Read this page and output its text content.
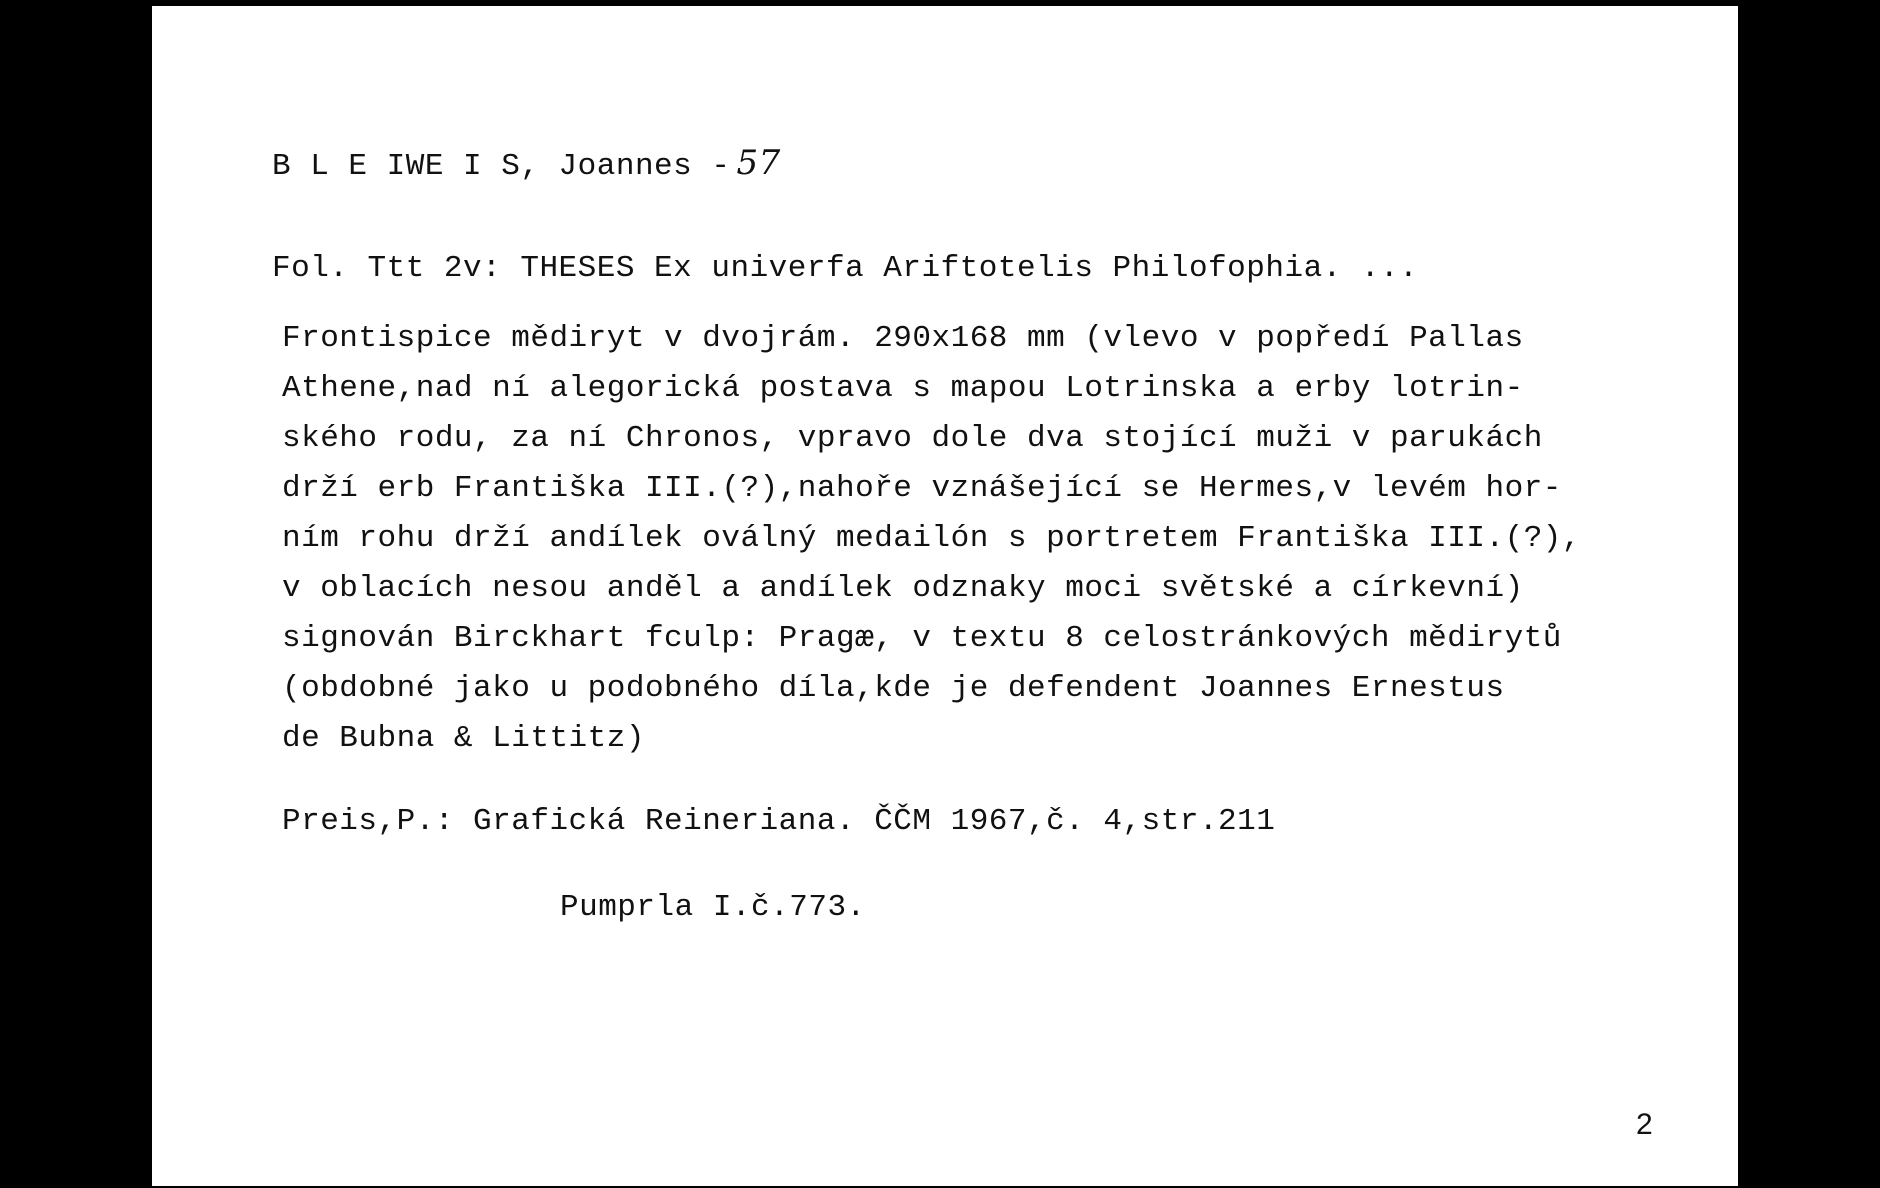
B L E IWE I S, Joannes - 57
Fol. Ttt 2v: THESES Ex univerfa Ariftotelis Philofophia. ...
Frontispice mědiryt v dvojrám. 290x168 mm (vlevo v popředí Pallas
Athene,nad ní alegorická postava s mapou Lotrinska a erby lotrin-
ského rodu, za ní Chronos, vpravo dole dva stojící muži v parukách
drží erb Františka III.(?),nahoře vznášející se Hermes,v levém hor-
ním rohu drží andílek oválný medailón s portretem Františka III.(?),
v oblacích nesou anděl a andílek odznaky moci světské a církevní)
signován Birckhart fculp: Pragæ, v textu 8 celostránkových mědirytů
(obdobné jako u podobného díla,kde je defendent Joannes Ernestus
de Bubna & Littitz)
Preis,P.: Grafická Reineriana. ČČM 1967,č. 4,str.211
Pumprla I.č.773.
2
